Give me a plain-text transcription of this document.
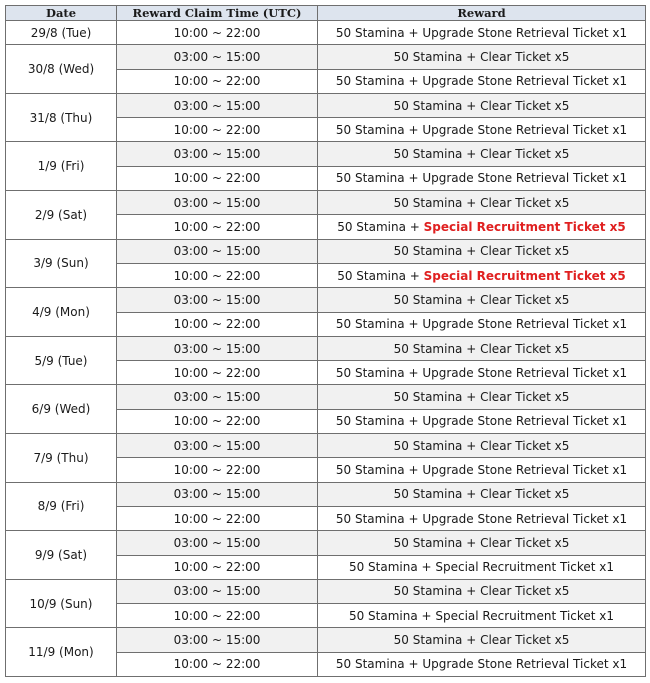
Date	Reward Claim Time (UTC)	Reward
29/8 (Tue)	10:00 ~ 22:00	50 Stamina + Upgrade Stone Retrieval Ticket x1
30/8 (Wed)	03:00 ~ 15:00	50 Stamina + Clear Ticket x5
	10:00 ~ 22:00	50 Stamina + Upgrade Stone Retrieval Ticket x1
31/8 (Thu)	03:00 ~ 15:00	50 Stamina + Clear Ticket x5
	10:00 ~ 22:00	50 Stamina + Upgrade Stone Retrieval Ticket x1
1/9 (Fri)	03:00 ~ 15:00	50 Stamina + Clear Ticket x5
	10:00 ~ 22:00	50 Stamina + Upgrade Stone Retrieval Ticket x1
2/9 (Sat)	03:00 ~ 15:00	50 Stamina + Clear Ticket x5
	10:00 ~ 22:00	50 Stamina + Special Recruitment Ticket x5
3/9 (Sun)	03:00 ~ 15:00	50 Stamina + Clear Ticket x5
	10:00 ~ 22:00	50 Stamina + Special Recruitment Ticket x5
4/9 (Mon)	03:00 ~ 15:00	50 Stamina + Clear Ticket x5
	10:00 ~ 22:00	50 Stamina + Upgrade Stone Retrieval Ticket x1
5/9 (Tue)	03:00 ~ 15:00	50 Stamina + Clear Ticket x5
	10:00 ~ 22:00	50 Stamina + Upgrade Stone Retrieval Ticket x1
6/9 (Wed)	03:00 ~ 15:00	50 Stamina + Clear Ticket x5
	10:00 ~ 22:00	50 Stamina + Upgrade Stone Retrieval Ticket x1
7/9 (Thu)	03:00 ~ 15:00	50 Stamina + Clear Ticket x5
	10:00 ~ 22:00	50 Stamina + Upgrade Stone Retrieval Ticket x1
8/9 (Fri)	03:00 ~ 15:00	50 Stamina + Clear Ticket x5
	10:00 ~ 22:00	50 Stamina + Upgrade Stone Retrieval Ticket x1
9/9 (Sat)	03:00 ~ 15:00	50 Stamina + Clear Ticket x5
	10:00 ~ 22:00	50 Stamina + Special Recruitment Ticket x1
10/9 (Sun)	03:00 ~ 15:00	50 Stamina + Clear Ticket x5
	10:00 ~ 22:00	50 Stamina + Special Recruitment Ticket x1
11/9 (Mon)	03:00 ~ 15:00	50 Stamina + Clear Ticket x5
	10:00 ~ 22:00	50 Stamina + Upgrade Stone Retrieval Ticket x1
